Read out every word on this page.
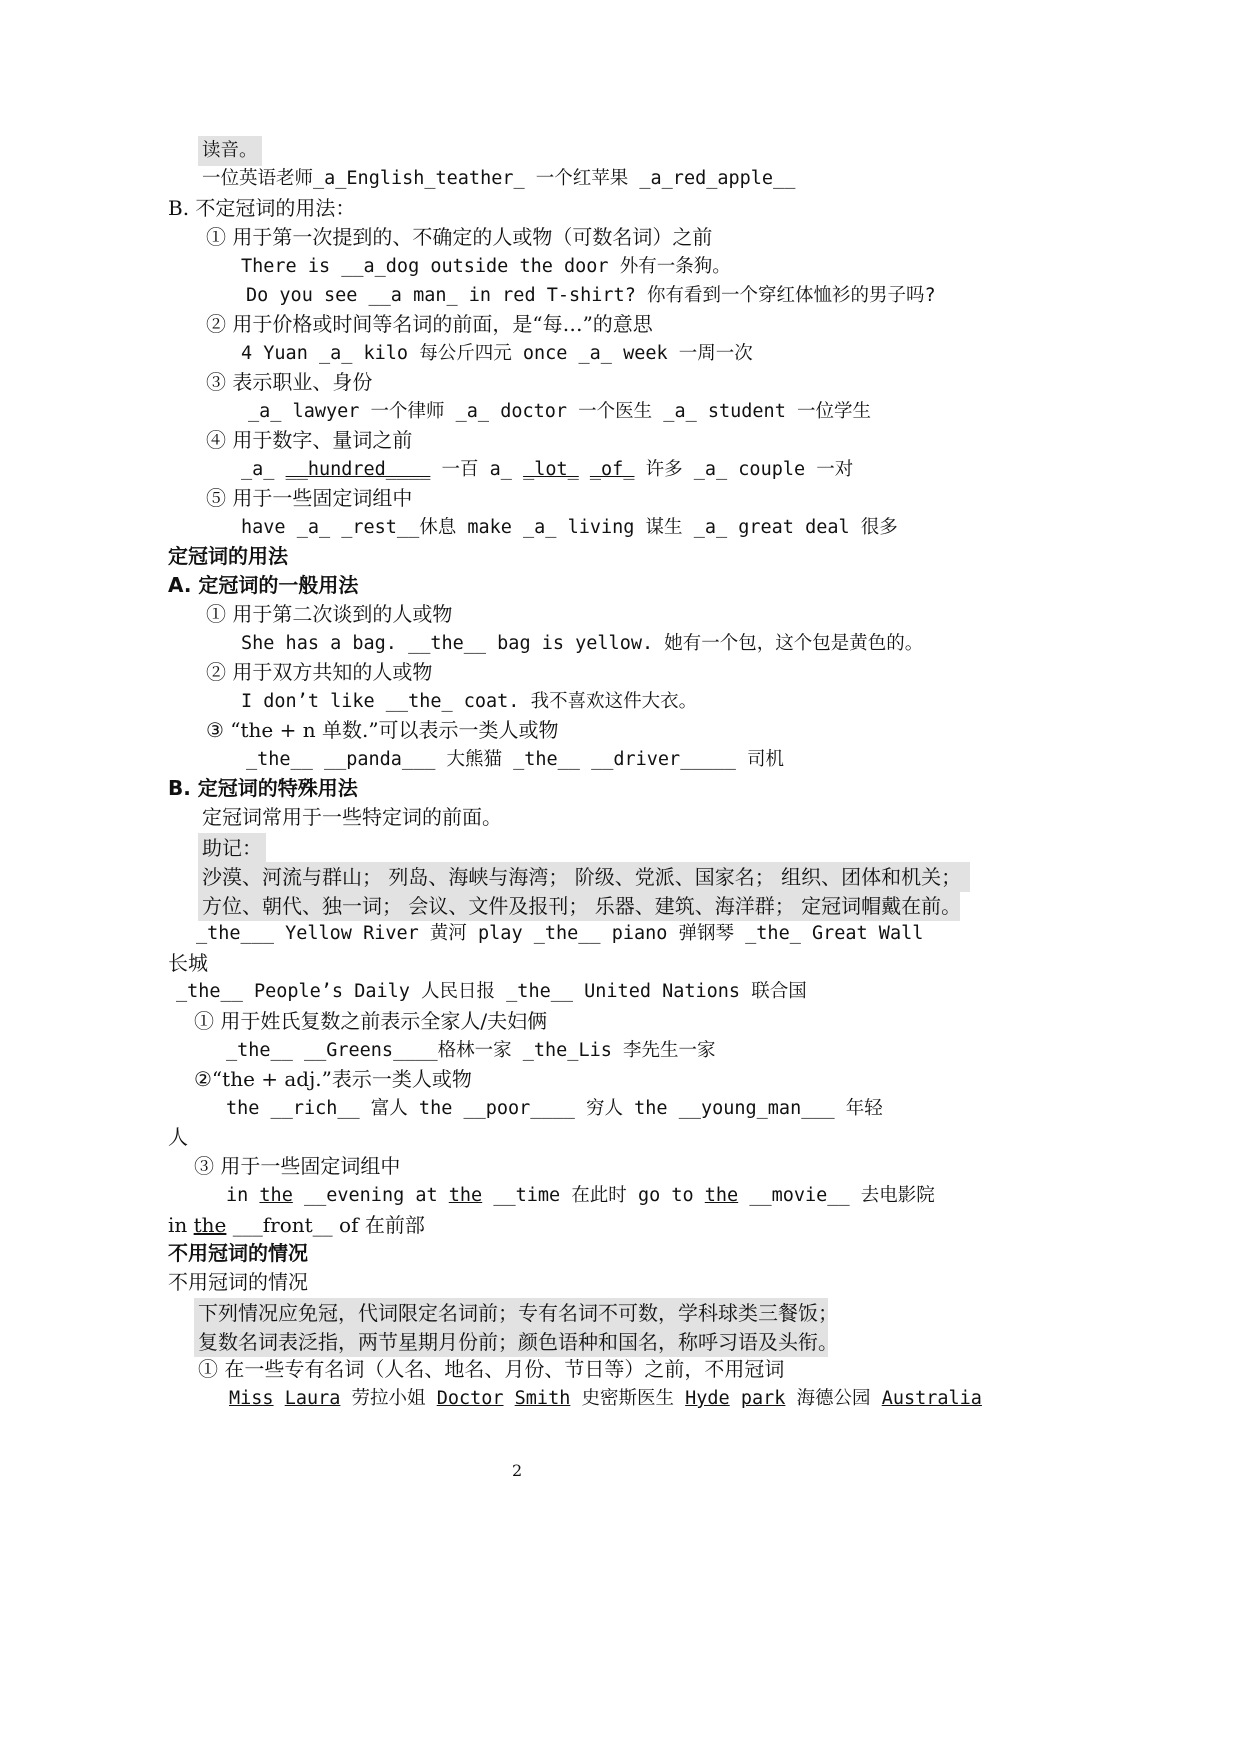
读音。
一位英语老师_a_English_teather_ 一个红苹果 _a_red_apple__
B. 不定冠词的用法：
① 用于第一次提到的、不确定的人或物（可数名词）之前
There is __a_dog outside the door 外有一条狗。
Do you see __a man_ in red T-shirt? 你有看到一个穿红体恤衫的男子吗?
② 用于价格或时间等名词的前面，是“每…”的意思
4 Yuan _a_ kilo 每公斤四元 once _a_ week 一周一次
③ 表示职业、身份
_a_ lawyer 一个律师 _a_ doctor 一个医生 _a_ student 一位学生
④ 用于数字、量词之前
_a_ __hundred____ 一百 a_ _lot_ _of_ 许多 _a_ couple 一对
⑤ 用于一些固定词组中
have _a_ _rest__休息 make _a_ living 谋生 _a_ great deal 很多
定冠词的用法
A. 定冠词的一般用法
① 用于第二次谈到的人或物
She has a bag. __the__ bag is yellow. 她有一个包，这个包是黄色的。
② 用于双方共知的人或物
I don’t like __the_ coat. 我不喜欢这件大衣。
③ “the + n 单数.”可以表示一类人或物
_the__ __panda___ 大熊猫 _the__ __driver_____ 司机
B. 定冠词的特殊用法
定冠词常用于一些特定词的前面。
助记：
沙漠、河流与群山； 列岛、海峡与海湾； 阶级、党派、国家名； 组织、团体和机关；
方位、朝代、独一词； 会议、文件及报刊； 乐器、建筑、海洋群； 定冠词帽戴在前。
_the___ Yellow River 黄河 play _the__ piano 弹钢琴 _the_ Great Wall
长城
_the__ People’s Daily 人民日报 _the__ United Nations 联合国
① 用于姓氏复数之前表示全家人/夫妇俩
_the__ __Greens____格林一家 _the_Lis 李先生一家
②“the + adj.”表示一类人或物
the __rich__ 富人 the __poor____ 穷人 the __young_man___ 年轻
人
③ 用于一些固定词组中
in the __evening at the __time 在此时 go to the __movie__ 去电影院
in the ___front__ of 在前部
不用冠词的情况
不用冠词的情况
下列情况应免冠，代词限定名词前；专有名词不可数，学科球类三餐饭；
复数名词表泛指，两节星期月份前；颜色语种和国名，称呼习语及头衔。
① 在一些专有名词（人名、地名、月份、节日等）之前，不用冠词
Miss Laura 劳拉小姐 Doctor Smith 史密斯医生 Hyde park 海德公园 Australia
2
